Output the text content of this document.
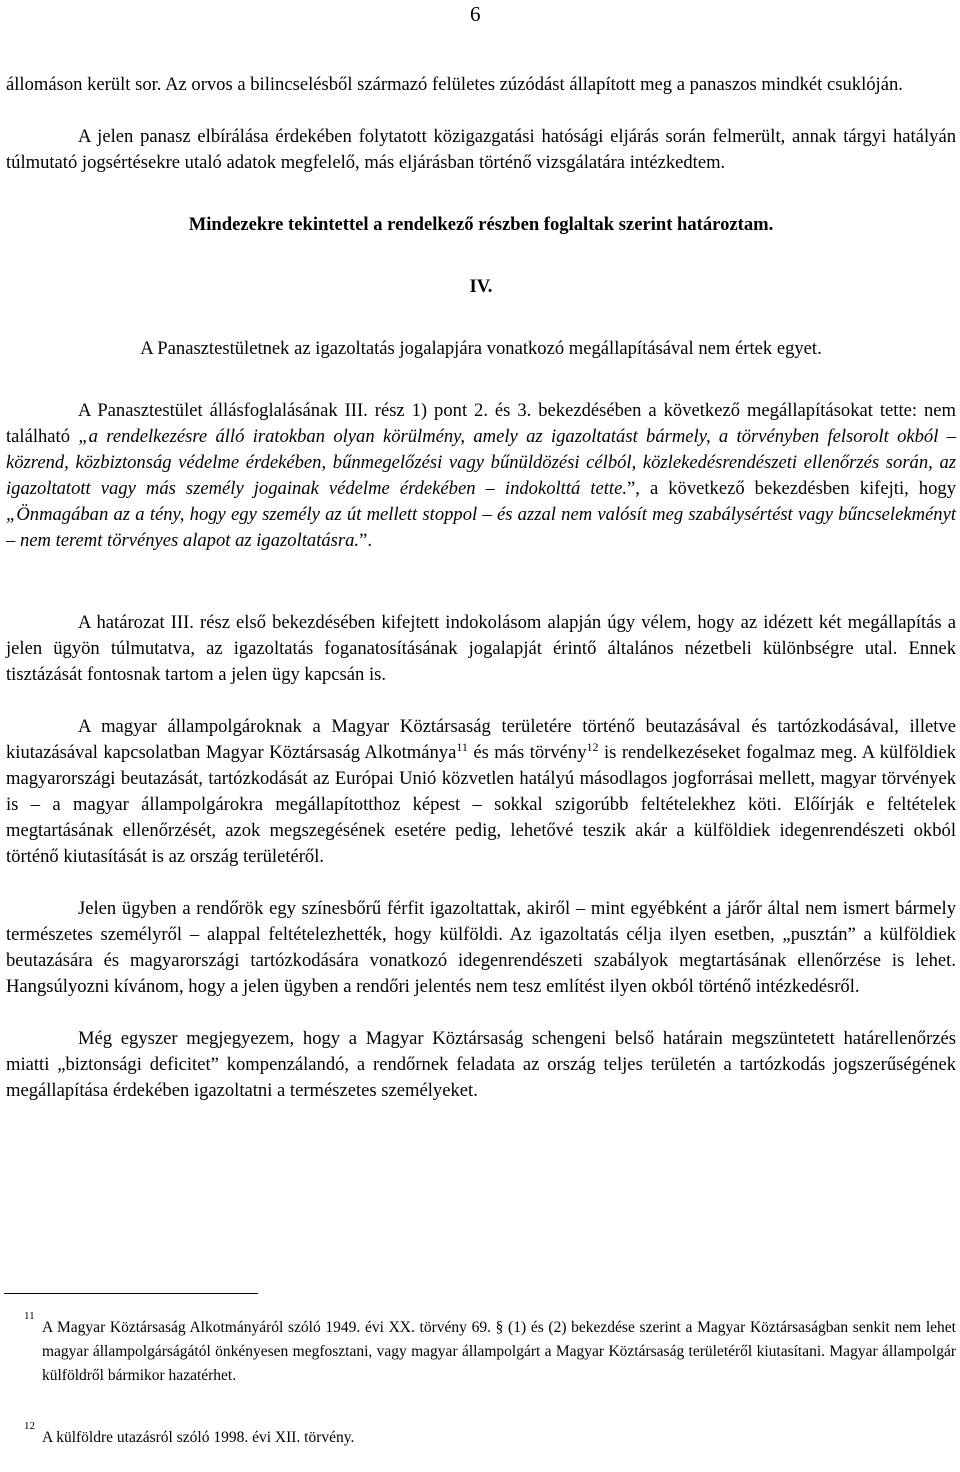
6

állomáson került sor. Az orvos a bilincselésből származó felületes zúzódást állapított meg a panaszos mindkét csuklóján.

A jelen panasz elbírálása érdekében folytatott közigazgatási hatósági eljárás során felmerült, annak tárgyi hatályán túlmutató jogsértésekre utaló adatok megfelelő, más eljárásban történő vizsgálatára intézkedtem.

Mindezekre tekintettel a rendelkező részben foglaltak szerint határoztam.

IV.

A Panasztestületnek az igazoltatás jogalapjára vonatkozó megállapításával nem értek egyet.

A Panasztestület állásfoglalásának III. rész 1) pont 2. és 3. bekezdésében a következő megállapításokat tette: nem található „a rendelkezésre álló iratokban olyan körülmény, amely az igazoltatást bármely, a törvényben felsorolt okból – közrend, közbiztonság védelme érdekében, bűnmegelőzési vagy bűnüldözési célból, közlekedésrendészeti ellenőrzés során, az igazoltatott vagy más személy jogainak védelme érdekében – indokolttá tette.”, a következő bekezdésben kifejti, hogy „Önmagában az a tény, hogy egy személy az út mellett stoppol – és azzal nem valósít meg szabálysértést vagy bűncselekményt – nem teremt törvényes alapot az igazoltatásra.”.

A határozat III. rész első bekezdésében kifejtett indokolásom alapján úgy vélem, hogy az idézett két megállapítás a jelen ügyön túlmutatva, az igazoltatás foganatosításának jogalapját érintő általános nézetbeli különbségre utal. Ennek tisztázását fontosnak tartom a jelen ügy kapcsán is.

A magyar állampolgároknak a Magyar Köztársaság területére történő beutazásával és tartózkodásával, illetve kiutazásával kapcsolatban Magyar Köztársaság Alkotmánya$^{11}$ és más törvény$^{12}$ is rendelkezéseket fogalmaz meg. A külföldiek magyarországi beutazását, tartózkodását az Európai Unió közvetlen hatályú másodlagos jogforrásai mellett, magyar törvények is – a magyar állampolgárokra megállapítotthoz képest – sokkal szigorúbb feltételekhez köti. Előírják e feltételek megtartásának ellenőrzését, azok megszegésének esetére pedig, lehetővé teszik akár a külföldiek idegenrendészeti okból történő kiutasítását is az ország területéről.

Jelen ügyben a rendőrök egy színesbőrű férfit igazoltattak, akiről – mint egyébként a járőr által nem ismert bármely természetes személyről – alappal feltételezhették, hogy külföldi. Az igazoltatás célja ilyen esetben, „pusztán” a külföldiek beutazására és magyarországi tartózkodására vonatkozó idegenrendészeti szabályok megtartásának ellenőrzése is lehet. Hangsúlyozni kívánom, hogy a jelen ügyben a rendőri jelentés nem tesz említést ilyen okból történő intézkedésről.

Még egyszer megjegyezem, hogy a Magyar Köztársaság schengeni belső határain megszüntetett határellenőrzés miatti „biztonsági deficitet” kompenzálandó, a rendőrnek feladata az ország teljes területén a tartózkodás jogszerűségének megállapítása érdekében igazoltatni a természetes személyeket.

11
A Magyar Köztársaság Alkotmányáról szóló 1949. évi XX. törvény 69. § (1) és (2) bekezdése szerint a Magyar Köztársaságban senkit nem lehet magyar állampolgárságától önkényesen megfosztani, vagy magyar állampolgárt a Magyar Köztársaság területéről kiutasítani. Magyar állampolgár külföldről bármikor hazatérhet.
12
A külföldre utazásról szóló 1998. évi XII. törvény.
